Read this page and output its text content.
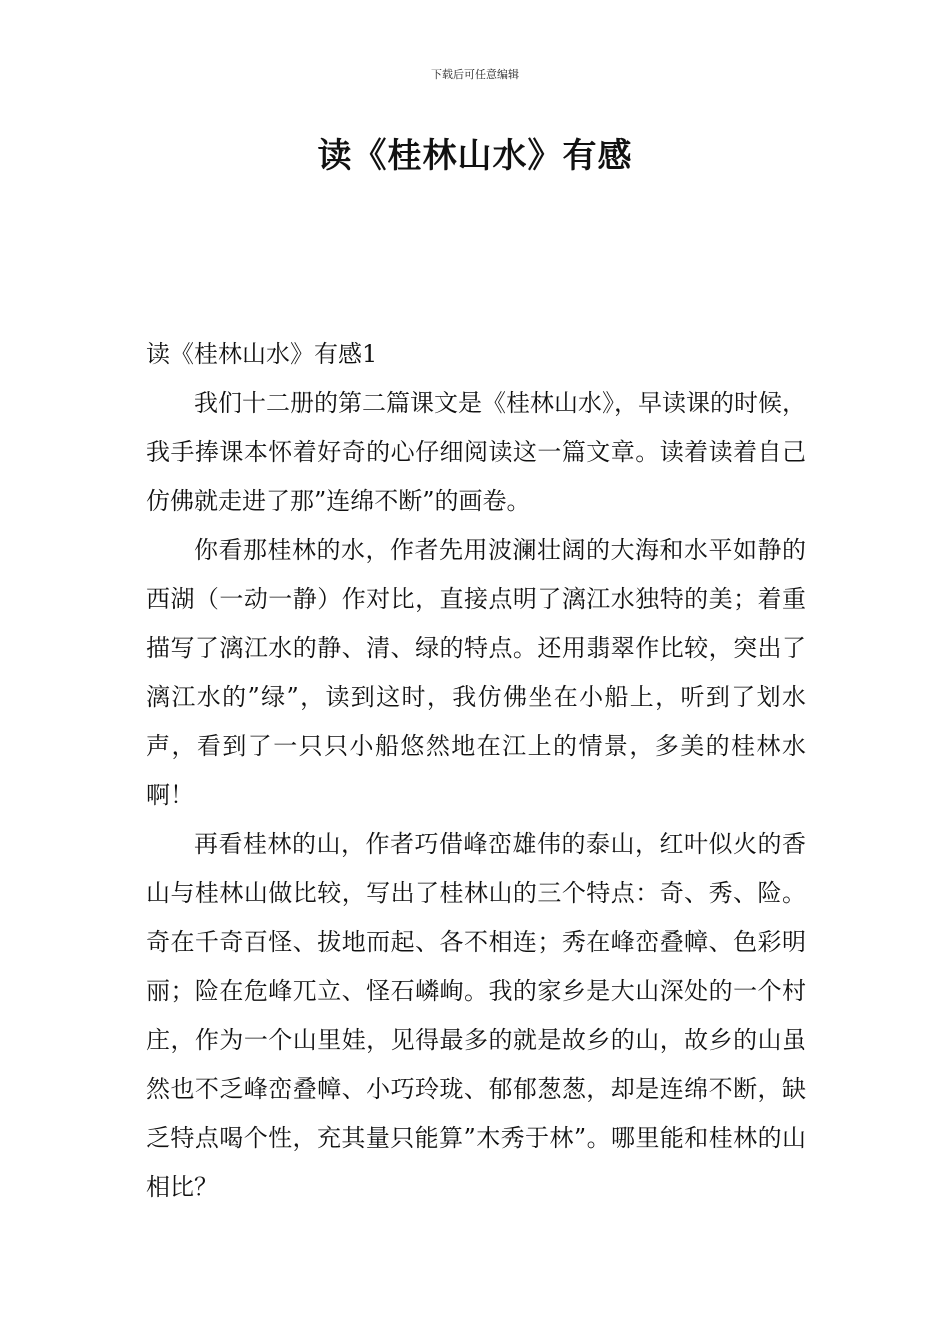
下载后可任意编辑
读《桂林山水》有感
读《桂林山水》有感1

我们十二册的第二篇课文是《桂林山水》，早读课的时候，我手捧课本怀着好奇的心仔细阅读这一篇文章。读着读着自己仿佛就走进了那”连绵不断”的画卷。

你看那桂林的水，作者先用波澜壮阔的大海和水平如静的西湖（一动一静）作对比，直接点明了漓江水独特的美；着重描写了漓江水的静、清、绿的特点。还用翡翠作比较，突出了漓江水的”绿”，读到这时，我仿佛坐在小船上，听到了划水声，看到了一只只小船悠然地在江上的情景，多美的桂林水啊！

再看桂林的山，作者巧借峰峦雄伟的泰山，红叶似火的香山与桂林山做比较，写出了桂林山的三个特点：奇、秀、险。奇在千奇百怪、拔地而起、各不相连；秀在峰峦叠幛、色彩明丽；险在危峰兀立、怪石嶙峋。我的家乡是大山深处的一个村庄，作为一个山里娃，见得最多的就是故乡的山，故乡的山虽然也不乏峰峦叠幛、小巧玲珑、郁郁葱葱，却是连绵不断，缺乏特点喝个性，充其量只能算”木秀于林”。哪里能和桂林的山相比？
